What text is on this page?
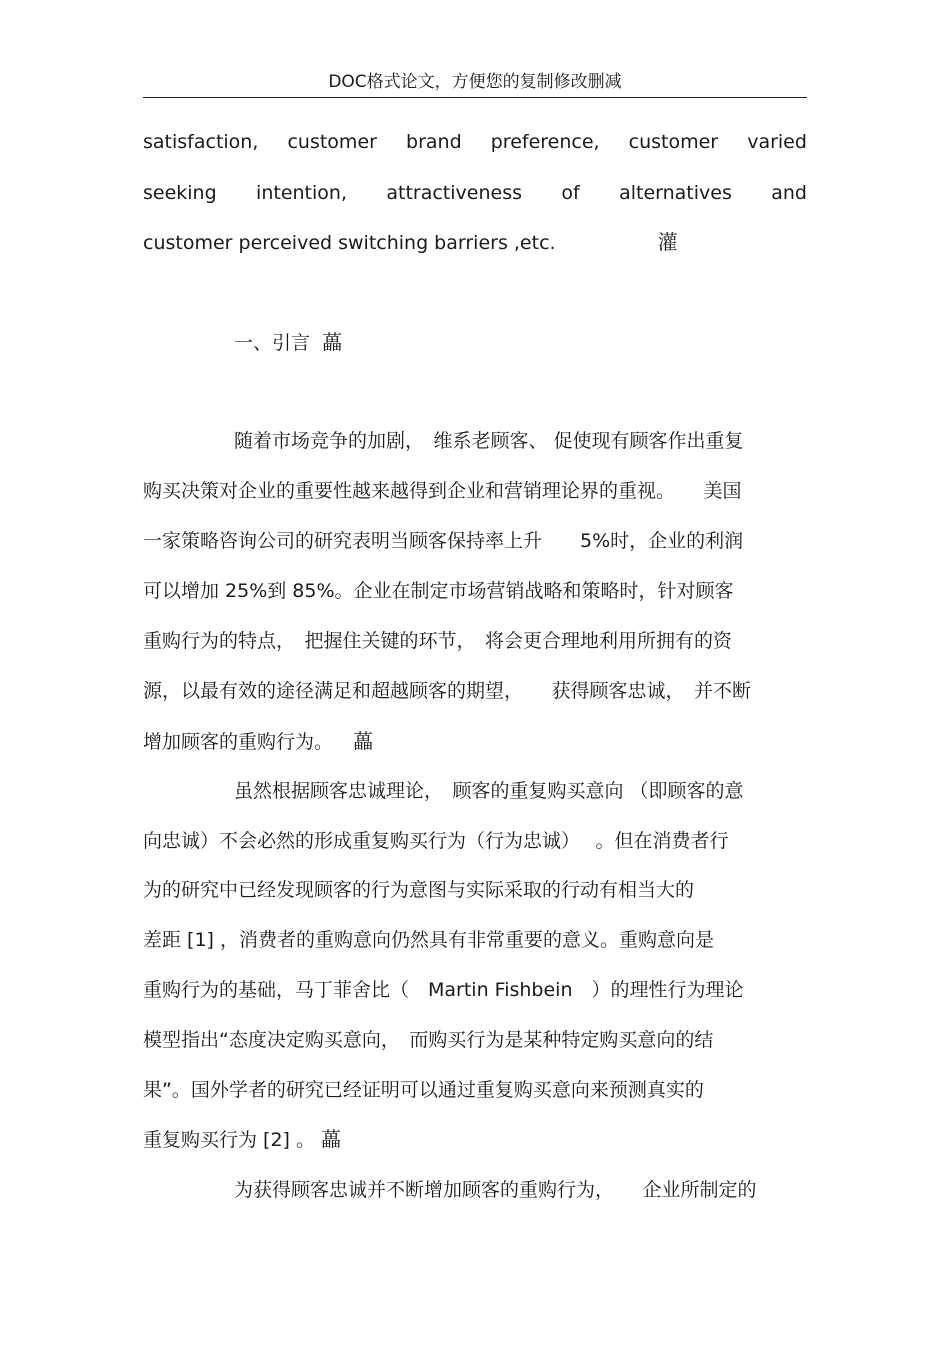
DOC格式论文，方便您的复制修改删减
satisfaction, customer brand preference, customer varied
seeking intention, attractiveness of alternatives and
customer perceived switching barriers ,etc.	灌
一、引言 藟
随着市场竞争的加剧，　维系老顾客、 促使现有顾客作出重复
购买决策对企业的重要性越来越得到企业和营销理论界的重视。　　美国
一家策略咨询公司的研究表明当顾客保持率上升　　5%时，企业的利润
可以增加 25%到 85%。企业在制定市场营销战略和策略时，针对顾客
重购行为的特点，　把握住关键的环节，　将会更合理地利用所拥有的资
源，以最有效的途径满足和超越顾客的期望，　　获得顾客忠诚，　并不断
增加顾客的重购行为。 藟
虽然根据顾客忠诚理论，　顾客的重复购买意向 （即顾客的意
向忠诚）不会必然的形成重复购买行为（行为忠诚）　 。但在消费者行
为的研究中已经发现顾客的行为意图与实际采取的行动有相当大的
差距 [1] ，消费者的重购意向仍然具有非常重要的意义。重购意向是
重购行为的基础，马丁菲舍比（　Martin Fishbein　）的理性行为理论
模型指出“态度决定购买意向，　而购买行为是某种特定购买意向的结
果”。国外学者的研究已经证明可以通过重复购买意向来预测真实的
重复购买行为 [2] 。 藟
为获得顾客忠诚并不断增加顾客的重购行为，　　企业所制定的
